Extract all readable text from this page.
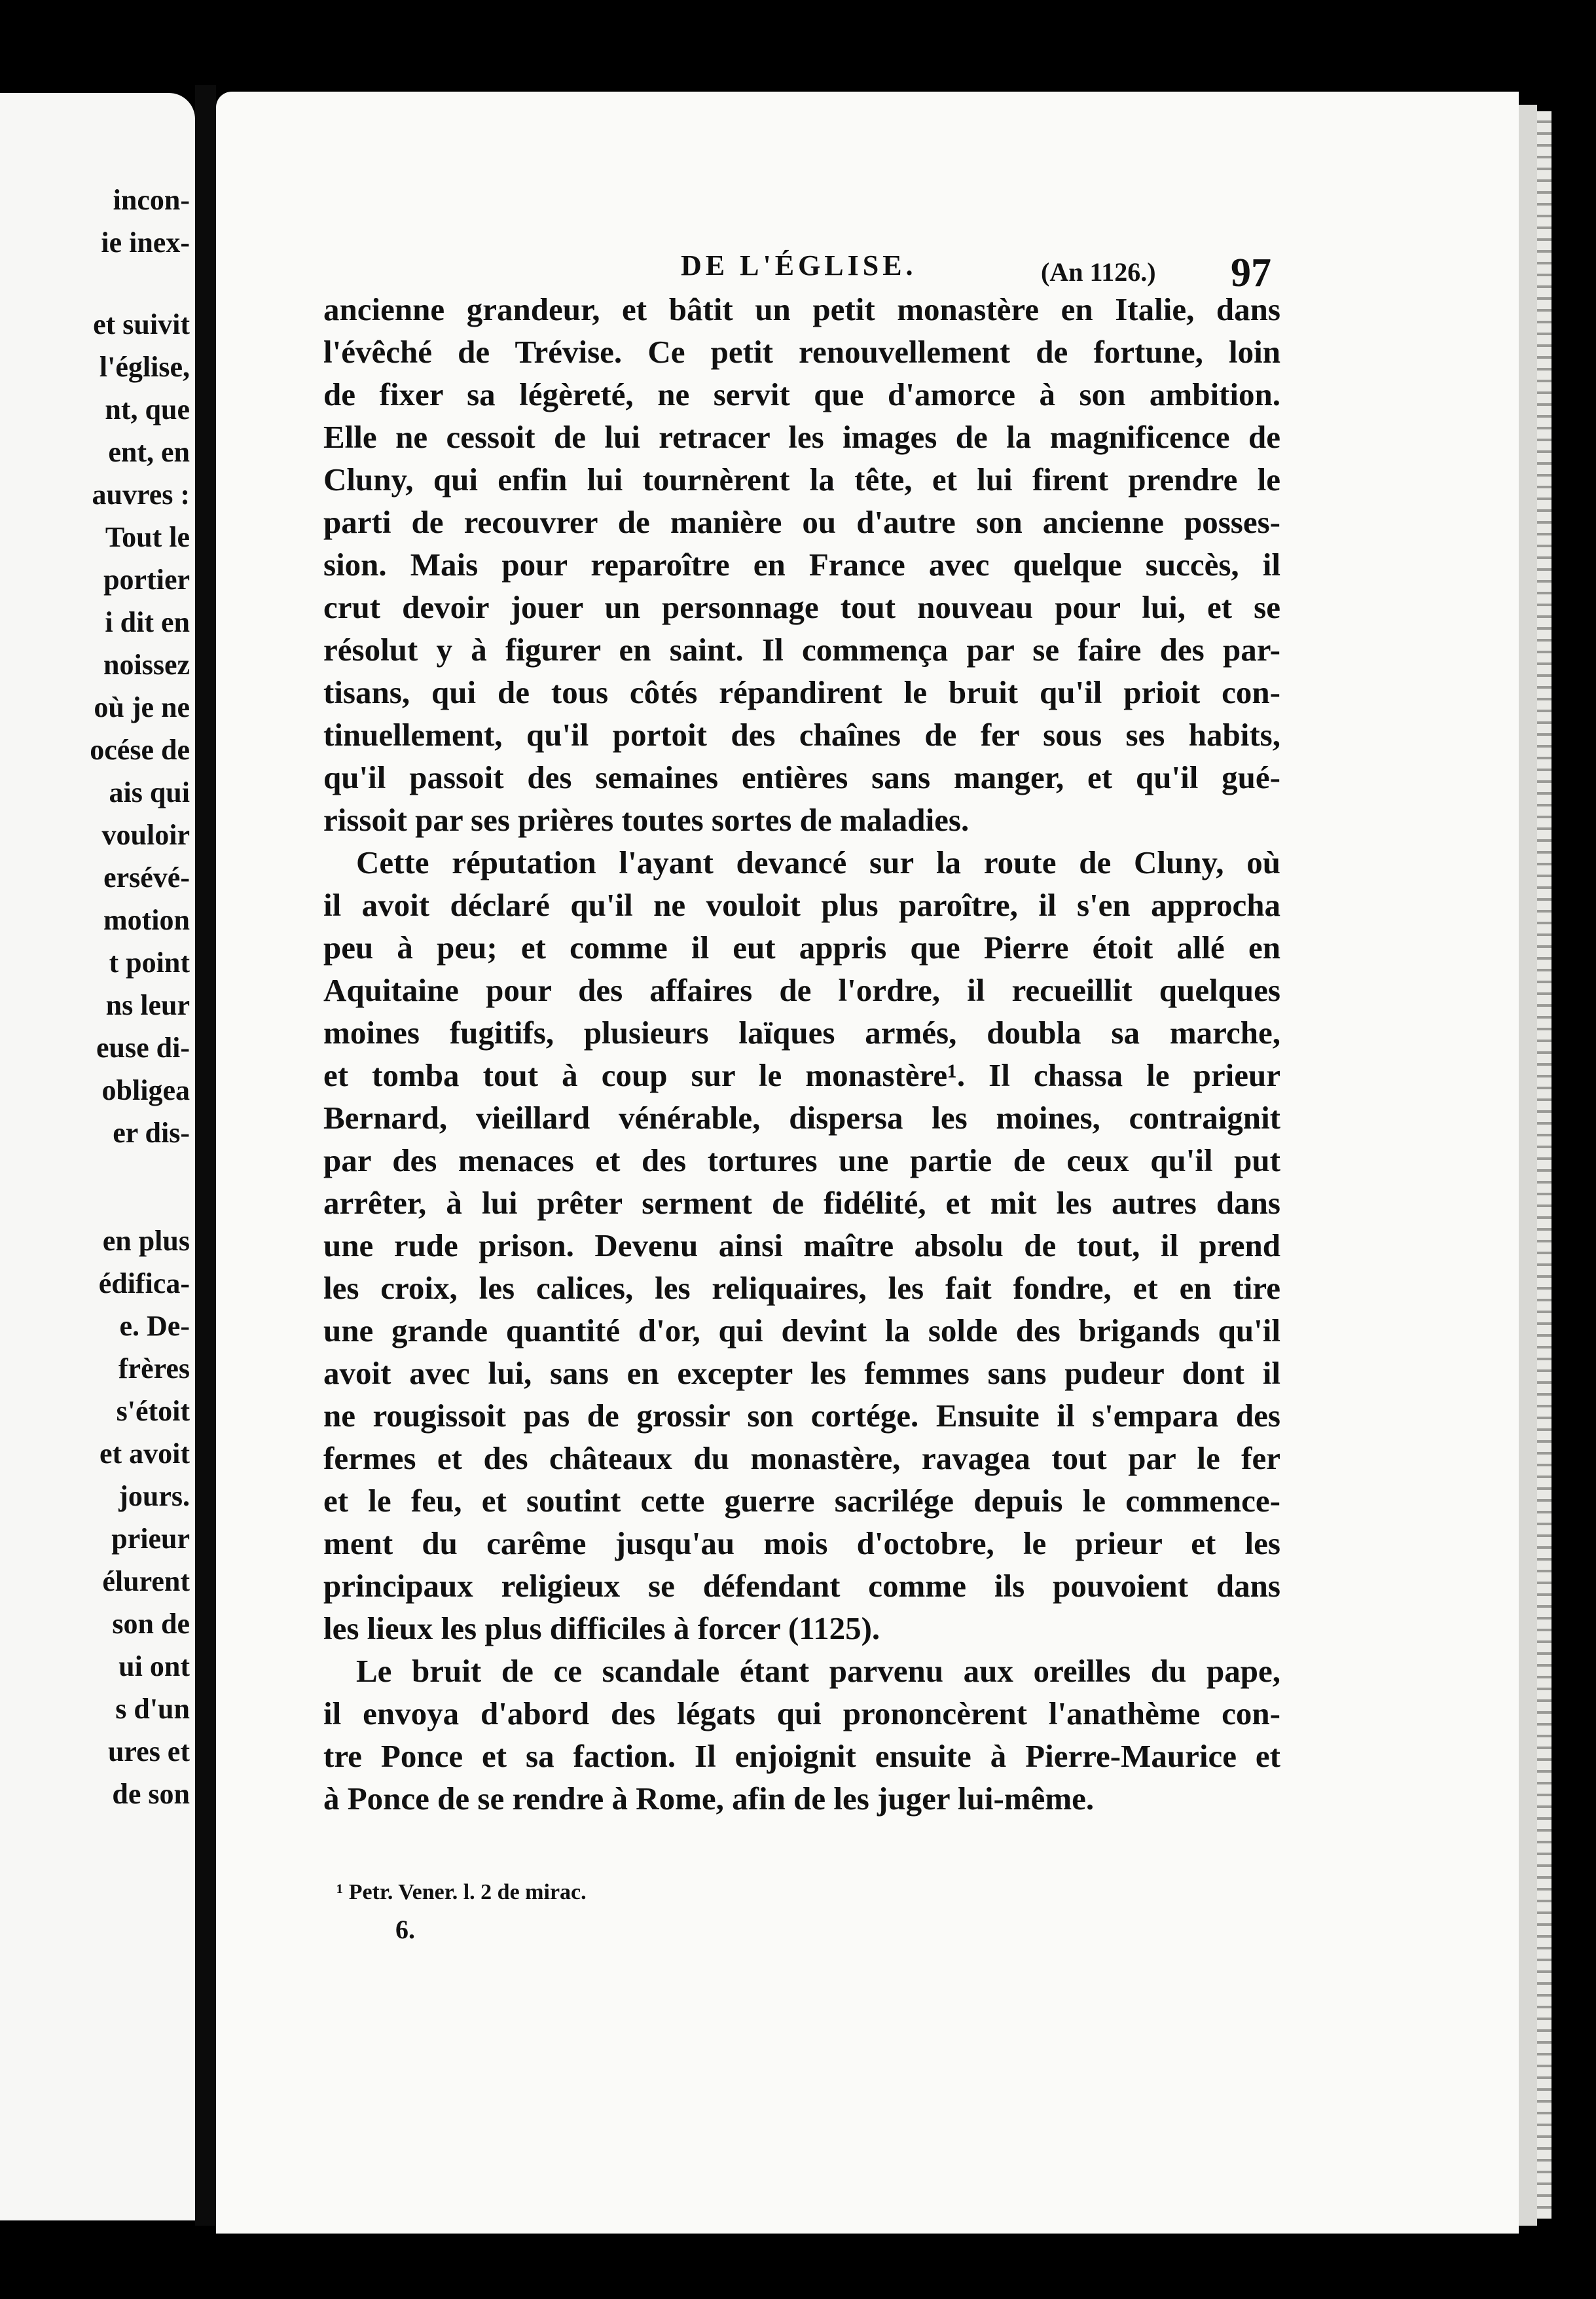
incon-
ie inex-
et suivit
l'église,
nt, que
ent, en
auvres :
Tout le
portier
i dit en
noissez
où je ne
océse de
ais qui
vouloir
ersévé-
motion
t point
ns leur
euse di-
obligea
er dis-
en plus
édifica-
e. De-
frères
s'étoit
et avoit
jours.
prieur
élurent
son de
ui ont
s d'un
ures et
de son
DE L'ÉGLISE.	(An 1126.) 97
ancienne grandeur, et bâtit un petit monastère en Italie, dans
l'évêché de Trévise. Ce petit renouvellement de fortune, loin
de fixer sa légèreté, ne servit que d'amorce à son ambition.
Elle ne cessoit de lui retracer les images de la magnificence de
Cluny, qui enfin lui tournèrent la tête, et lui firent prendre le
parti de recouvrer de manière ou d'autre son ancienne posses-
sion. Mais pour reparoître en France avec quelque succès, il
crut devoir jouer un personnage tout nouveau pour lui, et se
résolut y à figurer en saint. Il commença par se faire des par-
tisans, qui de tous côtés répandirent le bruit qu'il prioit con-
tinuellement, qu'il portoit des chaînes de fer sous ses habits,
qu'il passoit des semaines entières sans manger, et qu'il gué-
rissoit par ses prières toutes sortes de maladies.
Cette réputation l'ayant devancé sur la route de Cluny, où
il avoit déclaré qu'il ne vouloit plus paroître, il s'en approcha
peu à peu; et comme il eut appris que Pierre étoit allé en
Aquitaine pour des affaires de l'ordre, il recueillit quelques
moines fugitifs, plusieurs laïques armés, doubla sa marche,
et tomba tout à coup sur le monastère¹. Il chassa le prieur
Bernard, vieillard vénérable, dispersa les moines, contraignit
par des menaces et des tortures une partie de ceux qu'il put
arrêter, à lui prêter serment de fidélité, et mit les autres dans
une rude prison. Devenu ainsi maître absolu de tout, il prend
les croix, les calices, les reliquaires, les fait fondre, et en tire
une grande quantité d'or, qui devint la solde des brigands qu'il
avoit avec lui, sans en excepter les femmes sans pudeur dont il
ne rougissoit pas de grossir son cortége. Ensuite il s'empara des
fermes et des châteaux du monastère, ravagea tout par le fer
et le feu, et soutint cette guerre sacrilége depuis le commence-
ment du carême jusqu'au mois d'octobre, le prieur et les
principaux religieux se défendant comme ils pouvoient dans
les lieux les plus difficiles à forcer (1125).
Le bruit de ce scandale étant parvenu aux oreilles du pape,
il envoya d'abord des légats qui prononcèrent l'anathème con-
tre Ponce et sa faction. Il enjoignit ensuite à Pierre-Maurice et
à Ponce de se rendre à Rome, afin de les juger lui-même.
¹ Petr. Vener. l. 2 de mirac.
6.
